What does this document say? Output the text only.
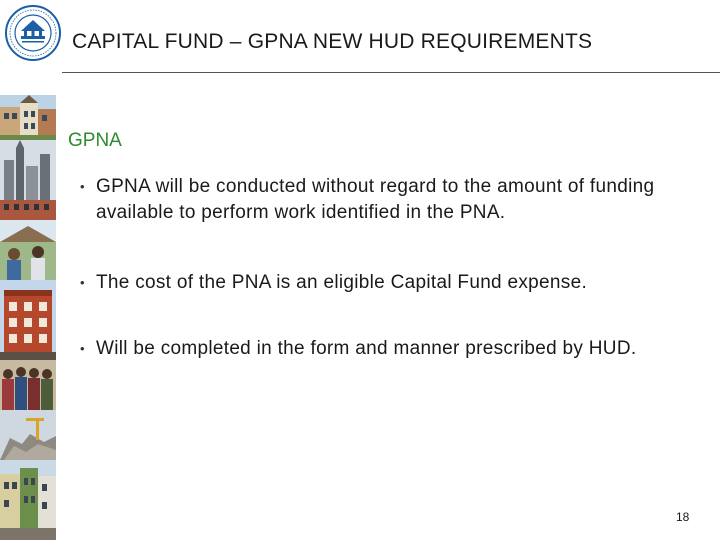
CAPITAL FUND – GPNA NEW HUD REQUIREMENTS
GPNA
• GPNA will be conducted without regard to the amount of funding available to perform work identified in the PNA.
• The cost of the PNA is an eligible Capital Fund expense.
• Will be completed in the form and manner prescribed by HUD.
18
